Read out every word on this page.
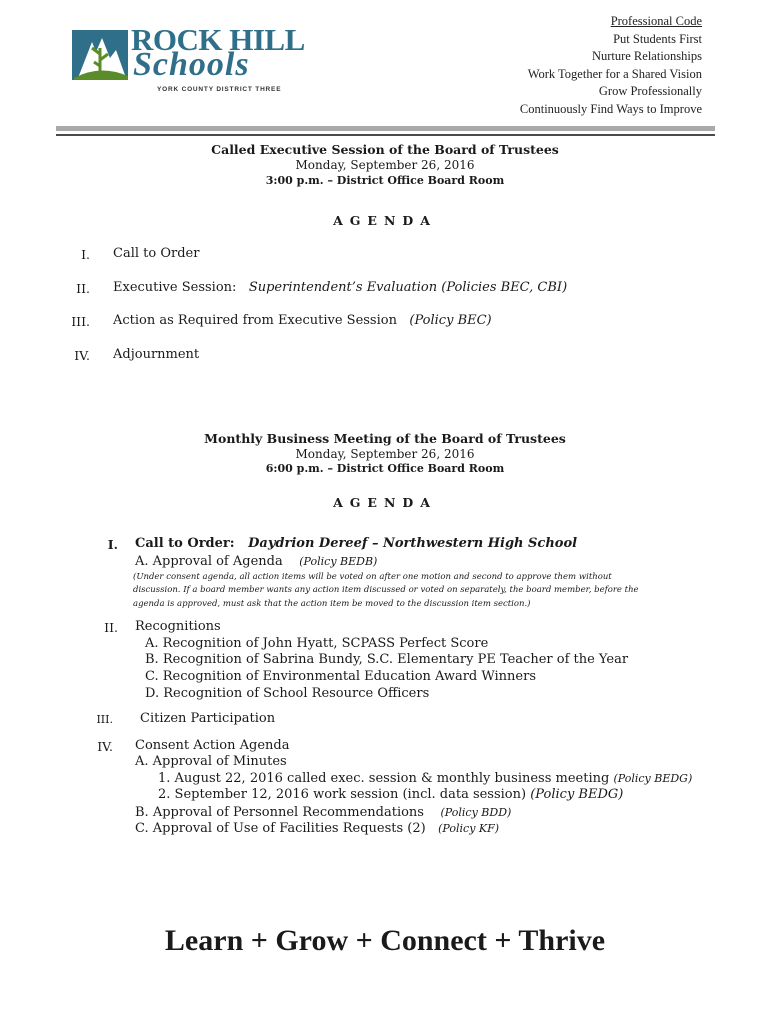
ROCK HILL
Schools
YORK COUNTY DISTRICT THREE
Professional Code
Put Students First
Nurture Relationships
Work Together for a Shared Vision
Grow Professionally
Continuously Find Ways to Improve
Called Executive Session of the Board of Trustees
Monday, September 26, 2016
3:00 p.m. – District Office Board Room
AGENDA
I. Call to Order
II. Executive Session: Superintendent’s Evaluation (Policies BEC, CBI)
III. Action as Required from Executive Session (Policy BEC)
IV. Adjournment
Monthly Business Meeting of the Board of Trustees
Monday, September 26, 2016
6:00 p.m. – District Office Board Room
AGENDA
I. Call to Order: Daydrion Dereef – Northwestern High School
A. Approval of Agenda (Policy BEDB)
(Under consent agenda, all action items will be voted on after one motion and second to approve them without
discussion. If a board member wants any action item discussed or voted on separately, the board member, before the
agenda is approved, must ask that the action item be moved to the discussion item section.)
II. Recognitions
A. Recognition of John Hyatt, SCPASS Perfect Score
B. Recognition of Sabrina Bundy, S.C. Elementary PE Teacher of the Year
C. Recognition of Environmental Education Award Winners
D. Recognition of School Resource Officers
III. Citizen Participation
IV. Consent Action Agenda
A. Approval of Minutes
1. August 22, 2016 called exec. session & monthly business meeting (Policy BEDG)
2. September 12, 2016 work session (incl. data session) (Policy BEDG)
B. Approval of Personnel Recommendations (Policy BDD)
C. Approval of Use of Facilities Requests (2) (Policy KF)
Learn + Grow + Connect + Thrive
